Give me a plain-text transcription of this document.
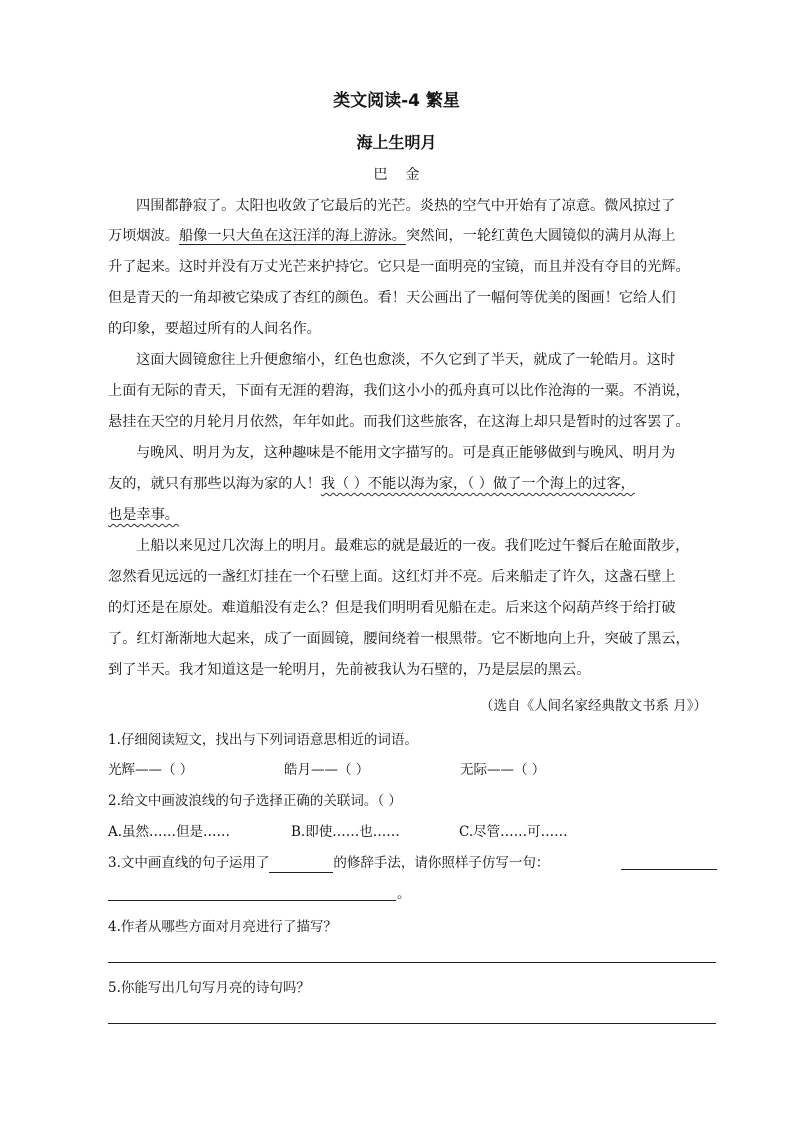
类文阅读-4 繁星
海上生明月
巴金
四围都静寂了。太阳也收敛了它最后的光芒。炎热的空气中开始有了凉意。微风掠过了
万顷烟波。船像一只大鱼在这汪洋的海上游泳。突然间，一轮红黄色大圆镜似的满月从海上
升了起来。这时并没有万丈光芒来护持它。它只是一面明亮的宝镜，而且并没有夺目的光辉。
但是青天的一角却被它染成了杏红的颜色。看！天公画出了一幅何等优美的图画！它给人们
的印象，要超过所有的人间名作。
这面大圆镜愈往上升便愈缩小，红色也愈淡，不久它到了半天，就成了一轮皓月。这时
上面有无际的青天，下面有无涯的碧海，我们这小小的孤舟真可以比作沧海的一粟。不消说，
悬挂在天空的月轮月月依然，年年如此。而我们这些旅客，在这海上却只是暂时的过客罢了。
与晚风、明月为友，这种趣味是不能用文字描写的。可是真正能够做到与晚风、明月为
友的，就只有那些以海为家的人！我（ ）不能以海为家，（ ）做了一个海上的过客，
也是幸事。
上船以来见过几次海上的明月。最难忘的就是最近的一夜。我们吃过午餐后在舱面散步，
忽然看见远远的一盏红灯挂在一个石壁上面。这红灯并不亮。后来船走了许久，这盏石壁上
的灯还是在原处。难道船没有走么？但是我们明明看见船在走。后来这个闷葫芦终于给打破
了。红灯渐渐地大起来，成了一面圆镜，腰间绕着一根黑带。它不断地向上升，突破了黑云，
到了半天。我才知道这是一轮明月，先前被我认为石壁的，乃是层层的黑云。
（选自《人间名家经典散文书系 月》）
1.仔细阅读短文，找出与下列词语意思相近的词语。
光辉——（ ）	皓月——（ ）	无际——（ ）
2.给文中画波浪线的句子选择正确的关联词。（ ）
A.虽然……但是……	B.即使……也……	C.尽管……可……
3.文中画直线的句子运用了	的修辞手法，请你照样子仿写一句：
。
4.作者从哪些方面对月亮进行了描写？
5.你能写出几句写月亮的诗句吗？
